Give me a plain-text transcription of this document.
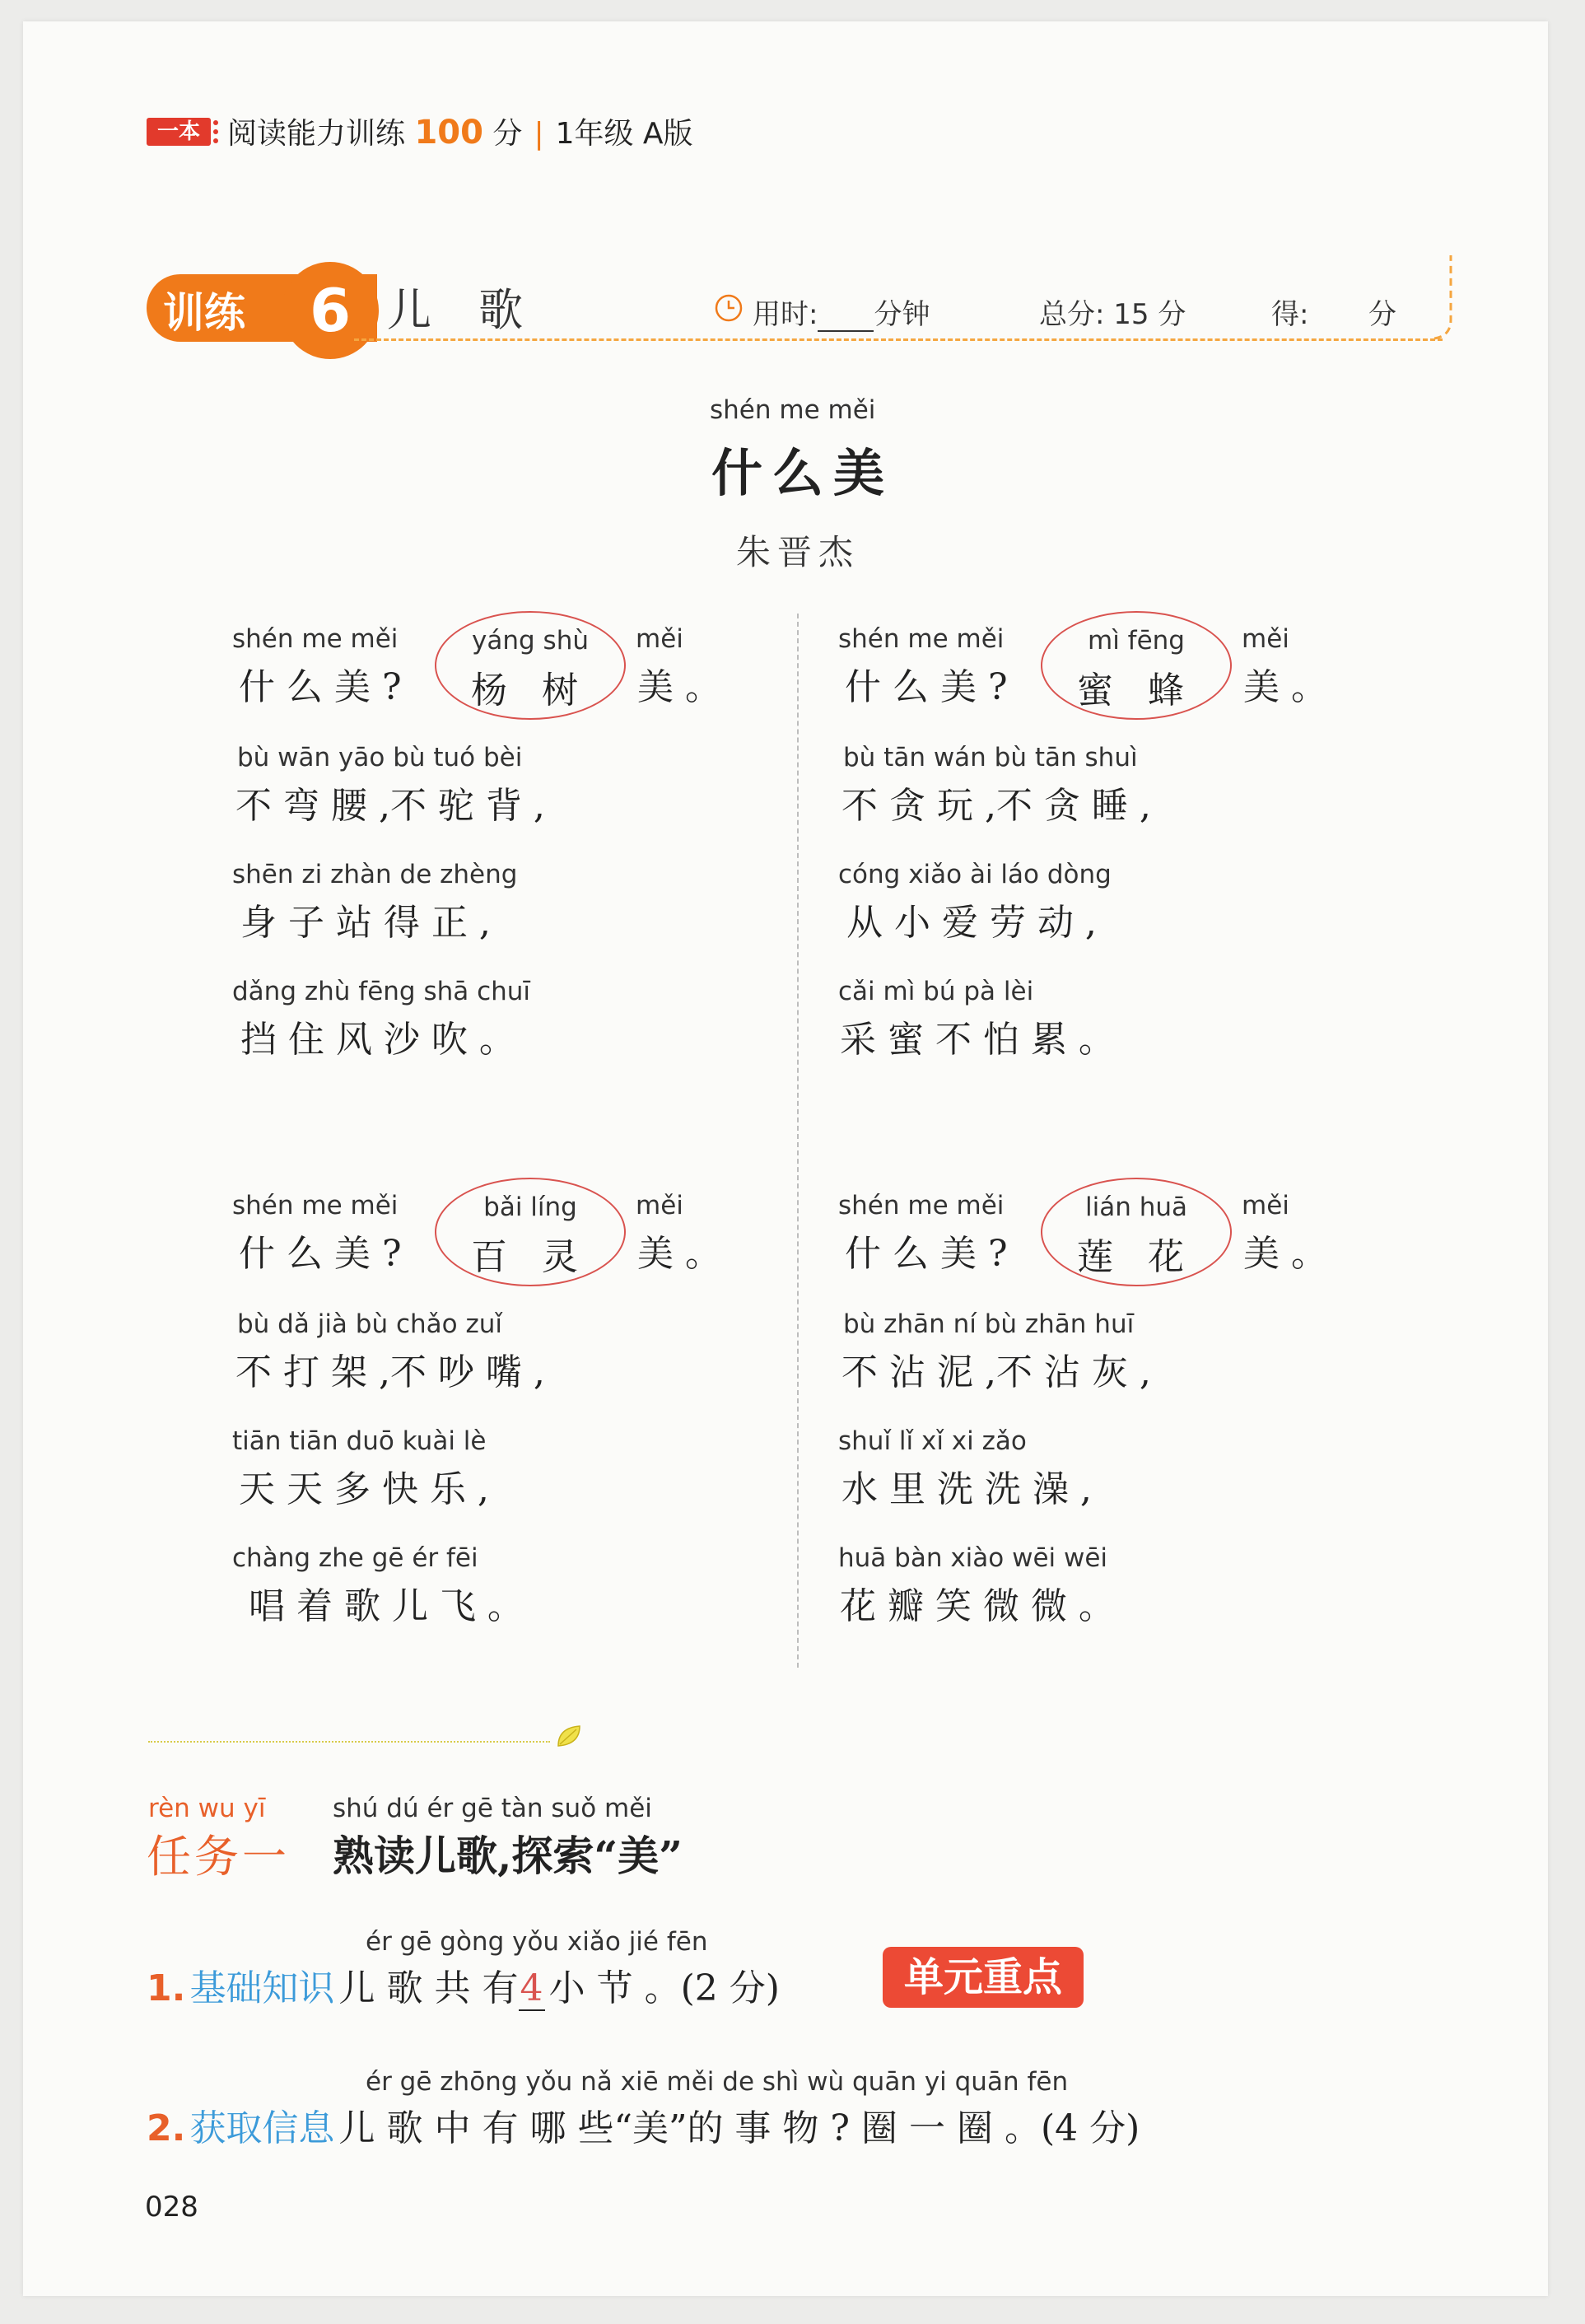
一本 阅读能力训练 100 分 | 1年级 A版
训练	6 儿 歌	用时: 分钟	总分: 15 分	得: 分
shén me měi
什么美
朱晋杰
shén me měi
什 么 美 ?
yáng shù
杨 树
měi
美 。
bù wān yāo bù tuó bèi
不 弯 腰 ,不 驼 背 ,
shēn zi zhàn de zhèng
身 子 站 得 正 ,
dǎng zhù fēng shā chuī
挡 住 风 沙 吹 。
shén me měi
什 么 美 ?
mì fēng
蜜 蜂
měi
美 。
bù tān wán bù tān shuì
不 贪 玩 ,不 贪 睡 ,
cóng xiǎo ài láo dòng
从 小 爱 劳 动 ,
cǎi mì bú pà lèi
采 蜜 不 怕 累 。
shén me měi
什 么 美 ?
bǎi líng
百 灵
měi
美 。
bù dǎ jià bù chǎo zuǐ
不 打 架 ,不 吵 嘴 ,
tiān tiān duō kuài lè
天 天 多 快 乐 ,
chàng zhe gē ér fēi
唱 着 歌 儿 飞 。
shén me měi
什 么 美 ?
lián huā
莲 花
měi
美 。
bù zhān ní bù zhān huī
不 沾 泥 ,不 沾 灰 ,
shuǐ lǐ xǐ xi zǎo
水 里 洗 洗 澡 ,
huā bàn xiào wēi wēi
花 瓣 笑 微 微 。
rèn wu yī
任务一
shú dú ér gē tàn suǒ měi
熟读儿歌,探索“美”
ér gē gòng yǒu xiǎo jié fēn
1. 基础知识 儿 歌 共 有4 小 节 。(2 分)	单元重点
ér gē zhōng yǒu nǎ xiē měi de shì wù quān yi quān fēn
2. 获取信息 儿 歌 中 有 哪 些“美”的 事 物 ? 圈 一 圈 。(4 分)
028
